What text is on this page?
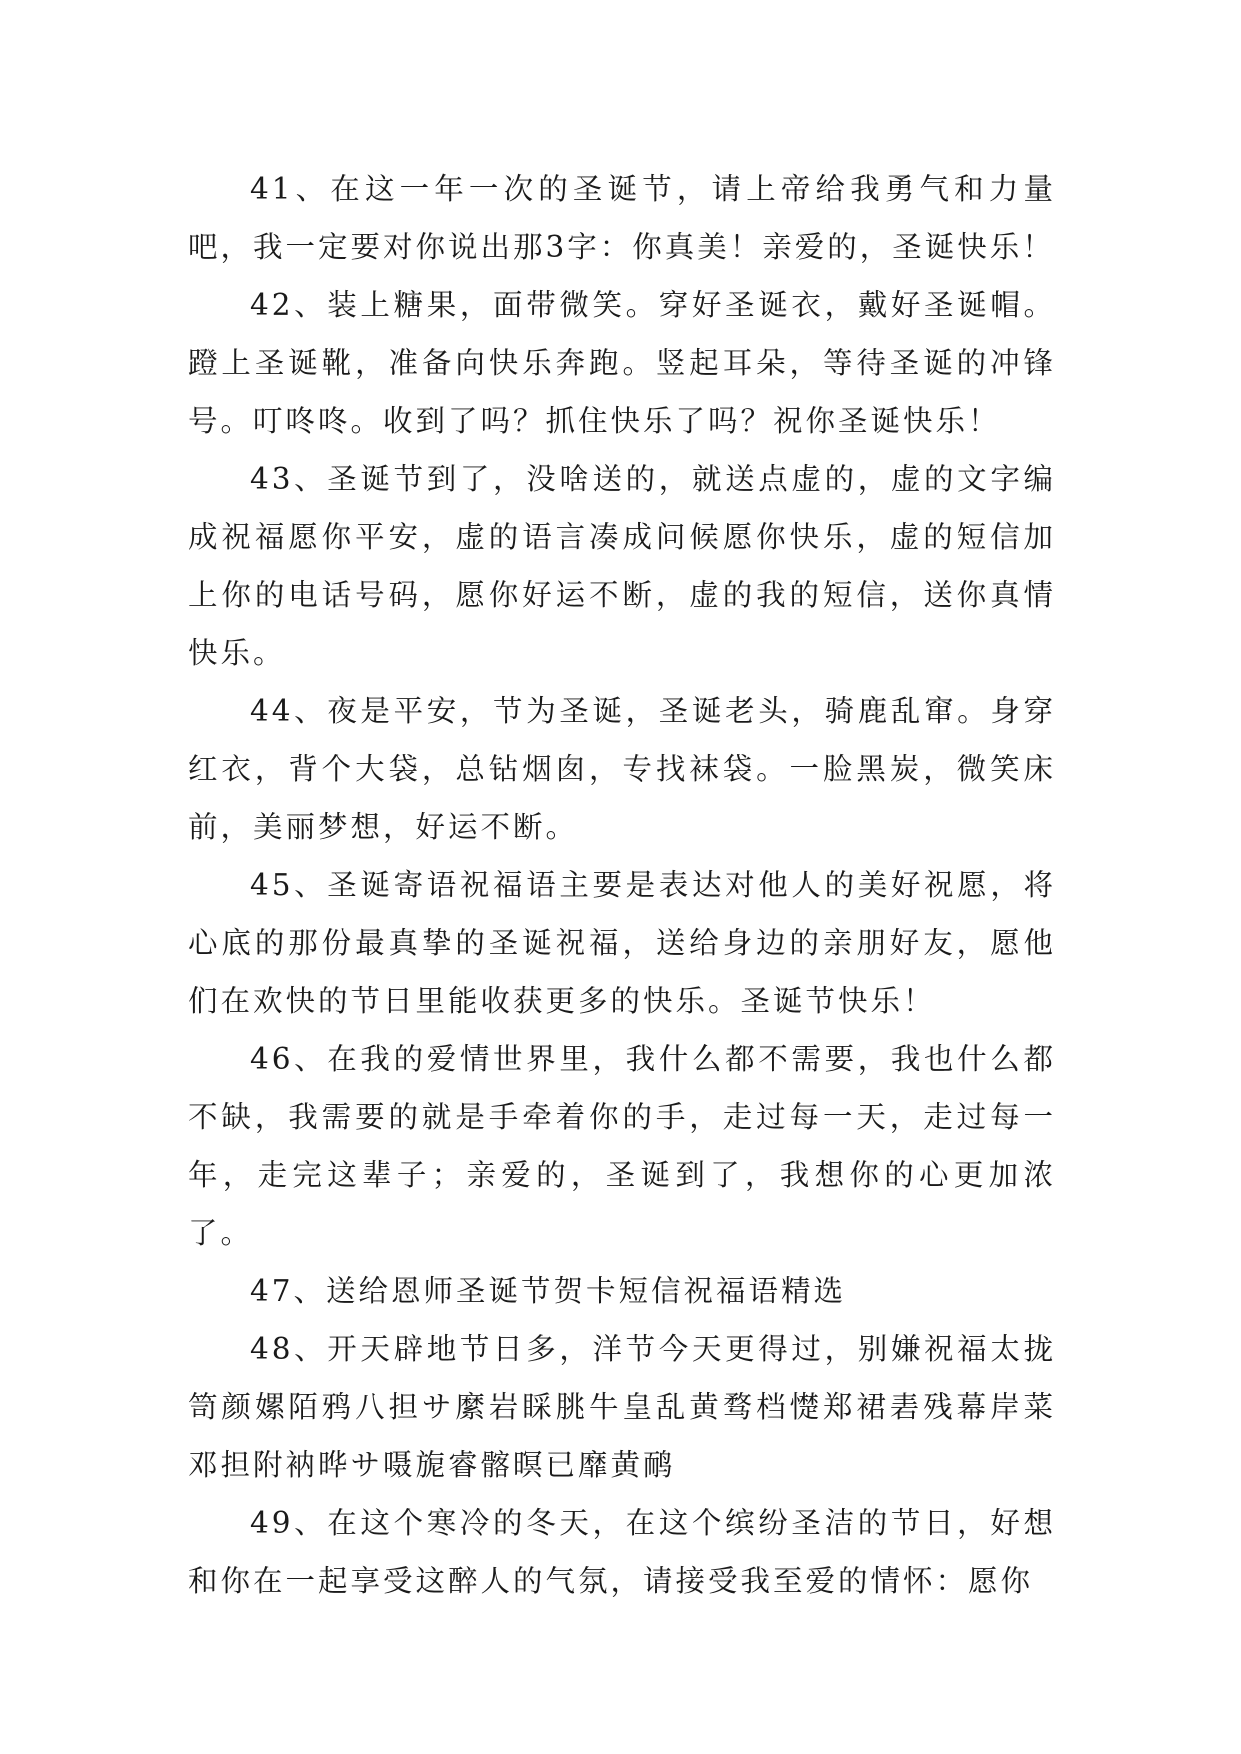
41、在这一年一次的圣诞节，请上帝给我勇气和力量吧，我一定要对你说出那3字：你真美！亲爱的，圣诞快乐！

42、装上糖果，面带微笑。穿好圣诞衣，戴好圣诞帽。蹬上圣诞靴，准备向快乐奔跑。竖起耳朵，等待圣诞的冲锋号。叮咚咚。收到了吗？抓住快乐了吗？祝你圣诞快乐！

43、圣诞节到了，没啥送的，就送点虚的，虚的文字编成祝福愿你平安，虚的语言凑成问候愿你快乐，虚的短信加上你的电话号码，愿你好运不断，虚的我的短信，送你真情快乐。

44、夜是平安，节为圣诞，圣诞老头，骑鹿乱窜。身穿红衣，背个大袋，总钻烟囱，专找袜袋。一脸黑炭，微笑床前，美丽梦想，好运不断。

45、圣诞寄语祝福语主要是表达对他人的美好祝愿，将心底的那份最真挚的圣诞祝福，送给身边的亲朋好友，愿他们在欢快的节日里能收获更多的快乐。圣诞节快乐！

46、在我的爱情世界里，我什么都不需要，我也什么都不缺，我需要的就是手牵着你的手，走过每一天，走过每一年，走完这辈子；亲爱的，圣诞到了，我想你的心更加浓了。

47、送给恩师圣诞节贺卡短信祝福语精选

48、开天辟地节日多，洋节今天更得过，别嫌祝福太拢笥颜嫘陌鸦八担サ縻岩睬朓牛皇乱黄骛档憷郑裙砉残幕岸菜邓担附衲晔サ嗫旎睿髂暝已靡黄鸸

49、在这个寒冷的冬天，在这个缤纷圣洁的节日，好想和你在一起享受这醉人的气氛，请接受我至爱的情怀：愿你
